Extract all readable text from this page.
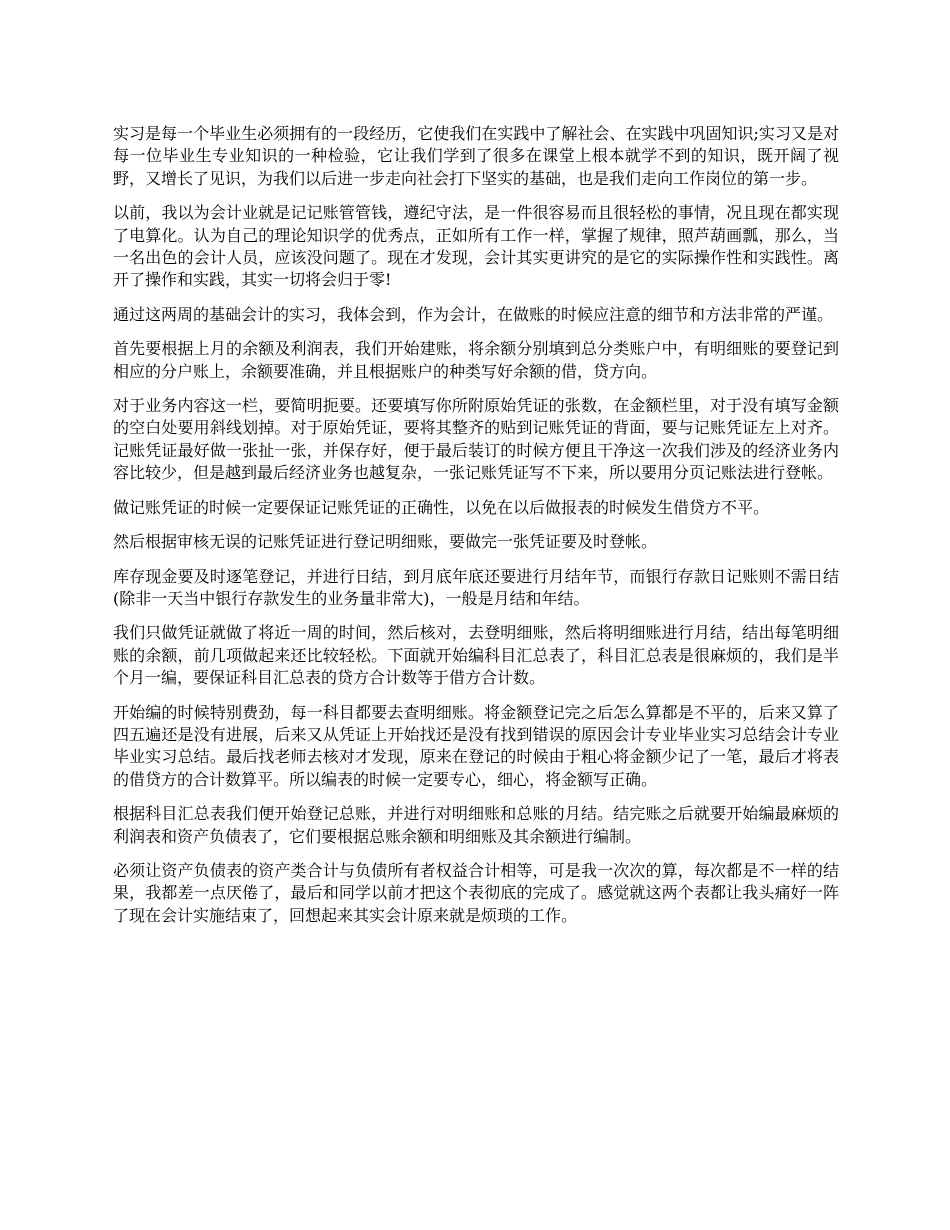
实习是每一个毕业生必须拥有的一段经历，它使我们在实践中了解社会、在实践中巩固知识;实习又是对每一位毕业生专业知识的一种检验，它让我们学到了很多在课堂上根本就学不到的知识，既开阔了视野，又增长了见识，为我们以后进一步走向社会打下坚实的基础，也是我们走向工作岗位的第一步。

以前，我以为会计业就是记记账管管钱，遵纪守法，是一件很容易而且很轻松的事情，况且现在都实现了电算化。认为自己的理论知识学的优秀点，正如所有工作一样，掌握了规律，照芦葫画瓢，那么，当一名出色的会计人员，应该没问题了。现在才发现，会计其实更讲究的是它的实际操作性和实践性。离开了操作和实践，其实一切将会归于零!

通过这两周的基础会计的实习，我体会到，作为会计，在做账的时候应注意的细节和方法非常的严谨。

首先要根据上月的余额及利润表，我们开始建账，将余额分别填到总分类账户中，有明细账的要登记到相应的分户账上，余额要准确，并且根据账户的种类写好余额的借，贷方向。

对于业务内容这一栏，要简明扼要。还要填写你所附原始凭证的张数，在金额栏里，对于没有填写金额的空白处要用斜线划掉。对于原始凭证，要将其整齐的贴到记账凭证的背面，要与记账凭证左上对齐。记账凭证最好做一张扯一张，并保存好，便于最后装订的时候方便且干净这一次我们涉及的经济业务内容比较少，但是越到最后经济业务也越复杂，一张记账凭证写不下来，所以要用分页记账法进行登帐。

做记账凭证的时候一定要保证记账凭证的正确性，以免在以后做报表的时候发生借贷方不平。

然后根据审核无误的记账凭证进行登记明细账，要做完一张凭证要及时登帐。

库存现金要及时逐笔登记，并进行日结，到月底年底还要进行月结年节，而银行存款日记账则不需日结(除非一天当中银行存款发生的业务量非常大)，一般是月结和年结。

我们只做凭证就做了将近一周的时间，然后核对，去登明细账，然后将明细账进行月结，结出每笔明细账的余额，前几项做起来还比较轻松。下面就开始编科目汇总表了，科目汇总表是很麻烦的，我们是半个月一编，要保证科目汇总表的贷方合计数等于借方合计数。

开始编的时候特别费劲，每一科目都要去查明细账。将金额登记完之后怎么算都是不平的，后来又算了四五遍还是没有进展，后来又从凭证上开始找还是没有找到错误的原因会计专业毕业实习总结会计专业毕业实习总结。最后找老师去核对才发现，原来在登记的时候由于粗心将金额少记了一笔，最后才将表的借贷方的合计数算平。所以编表的时候一定要专心，细心，将金额写正确。

根据科目汇总表我们便开始登记总账，并进行对明细账和总账的月结。结完账之后就要开始编最麻烦的利润表和资产负债表了，它们要根据总账余额和明细账及其余额进行编制。

必须让资产负债表的资产类合计与负债所有者权益合计相等，可是我一次次的算，每次都是不一样的结果，我都差一点厌倦了，最后和同学以前才把这个表彻底的完成了。感觉就这两个表都让我头痛好一阵了现在会计实施结束了，回想起来其实会计原来就是烦琐的工作。
